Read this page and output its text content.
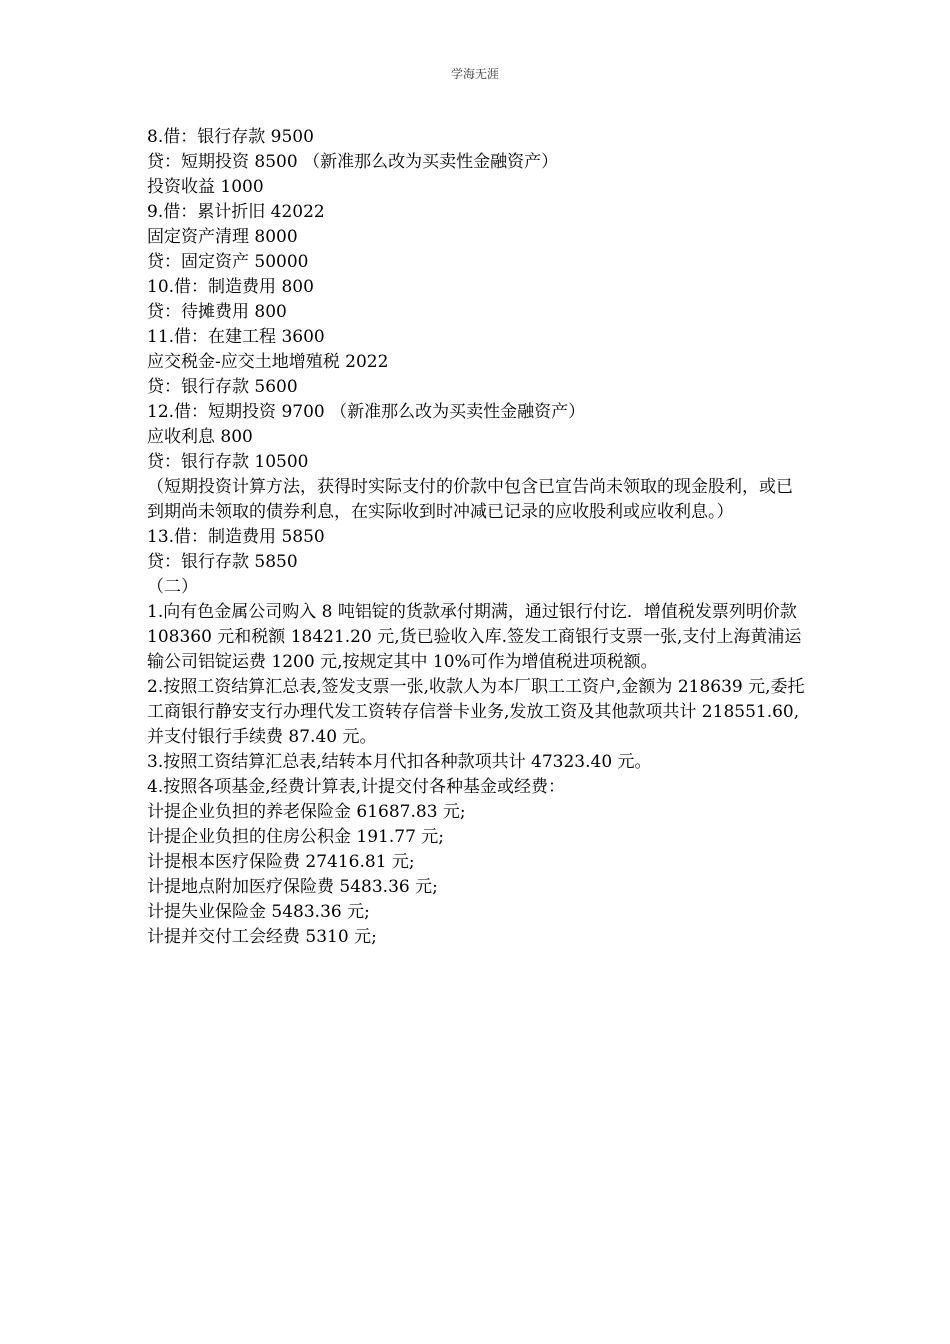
学海无涯

8.借：银行存款 9500

贷：短期投资 8500 （新准那么改为买卖性金融资产）

投资收益 1000

9.借：累计折旧 42022

固定资产清理 8000

贷：固定资产 50000

10.借：制造费用 800

贷：待摊费用 800

11.借：在建工程 3600

应交税金-应交土地增殖税 2022

贷：银行存款 5600

12.借：短期投资 9700 （新准那么改为买卖性金融资产）

应收利息 800

贷：银行存款 10500

（短期投资计算方法，获得时实际支付的价款中包含已宣告尚未领取的现金股利，或已到期尚未领取的债券利息，在实际收到时冲减已记录的应收股利或应收利息。）

13.借：制造费用 5850

贷：银行存款 5850

（二）

1.向有色金属公司购入 8 吨铝锭的货款承付期满，通过银行付讫．增值税发票列明价款 108360 元和税额 18421.20 元,货已验收入库.签发工商银行支票一张,支付上海黄浦运输公司铝锭运费 1200 元,按规定其中 10%可作为增值税进项税额。

2.按照工资结算汇总表,签发支票一张,收款人为本厂职工工资户,金额为 218639 元,委托工商银行静安支行办理代发工资转存信誉卡业务,发放工资及其他款项共计 218551.60,并支付银行手续费 87.40 元。

3.按照工资结算汇总表,结转本月代扣各种款项共计 47323.40 元。

4.按照各项基金,经费计算表,计提交付各种基金或经费：

计提企业负担的养老保险金 61687.83 元;

计提企业负担的住房公积金 191.77 元;

计提根本医疗保险费 27416.81 元;

计提地点附加医疗保险费 5483.36 元;

计提失业保险金 5483.36 元;

计提并交付工会经费 5310 元;
